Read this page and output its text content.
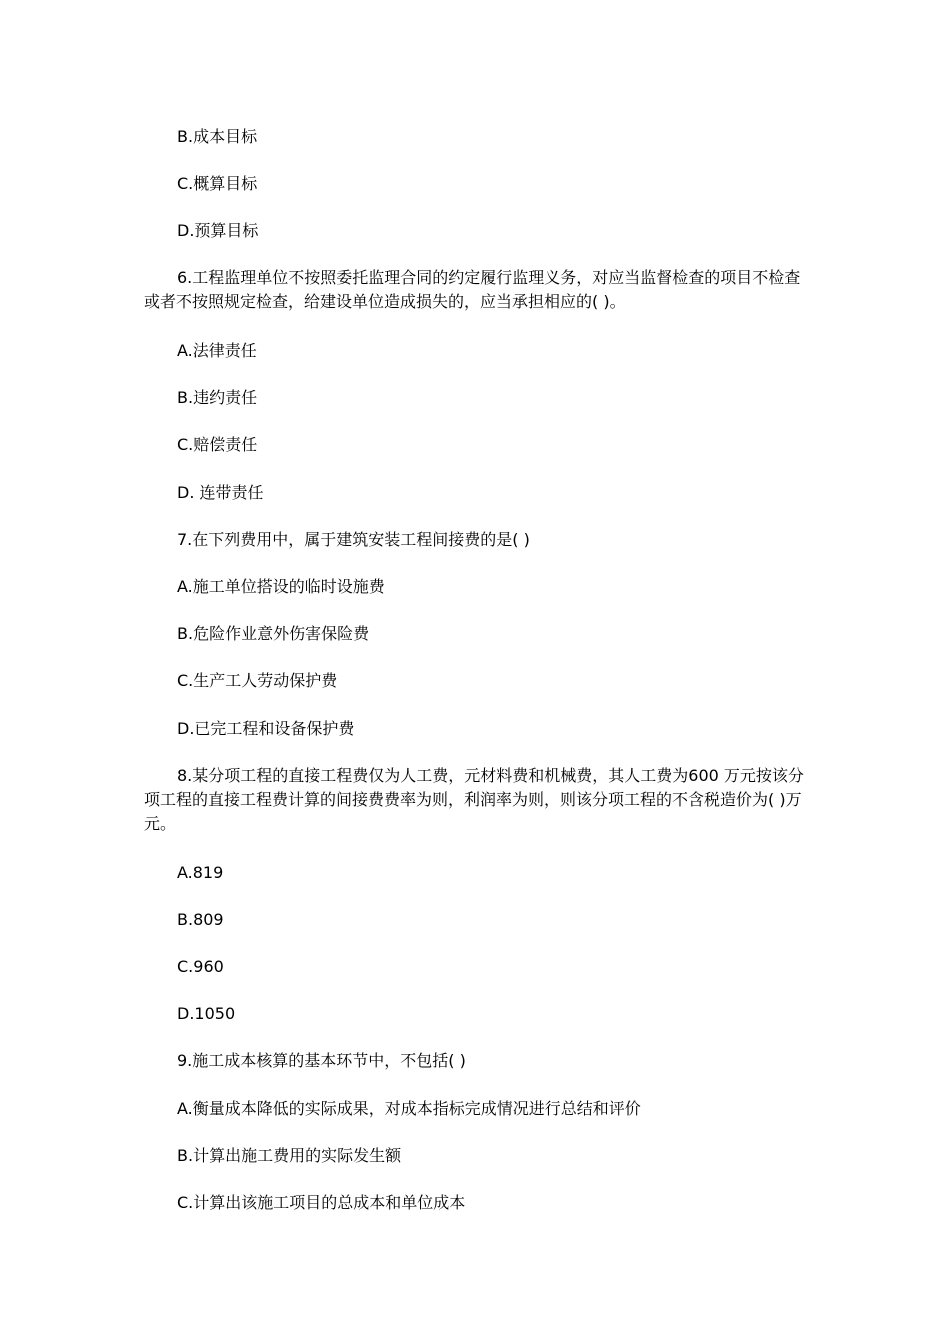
B.成本目标
C.概算目标
D.预算目标
6.工程监理单位不按照委托监理合同的约定履行监理义务，对应当监督检查的项目不检查或者不按照规定检查，给建设单位造成损失的，应当承担相应的( )。
A.法律责任
B.违约责任
C.赔偿责任
D. 连带责任
7.在下列费用中，属于建筑安装工程间接费的是( )
A.施工单位搭设的临时设施费
B.危险作业意外伤害保险费
C.生产工人劳动保护费
D.已完工程和设备保护费
8.某分项工程的直接工程费仅为人工费，元材料费和机械费，其人工费为600 万元按该分项工程的直接工程费计算的间接费费率为则，利润率为则，则该分项工程的不含税造价为( )万元。
A.819
B.809
C.960
D.1050
9.施工成本核算的基本环节中，不包括( )
A.衡量成本降低的实际成果，对成本指标完成情况进行总结和评价
B.计算出施工费用的实际发生额
C.计算出该施工项目的总成本和单位成本
